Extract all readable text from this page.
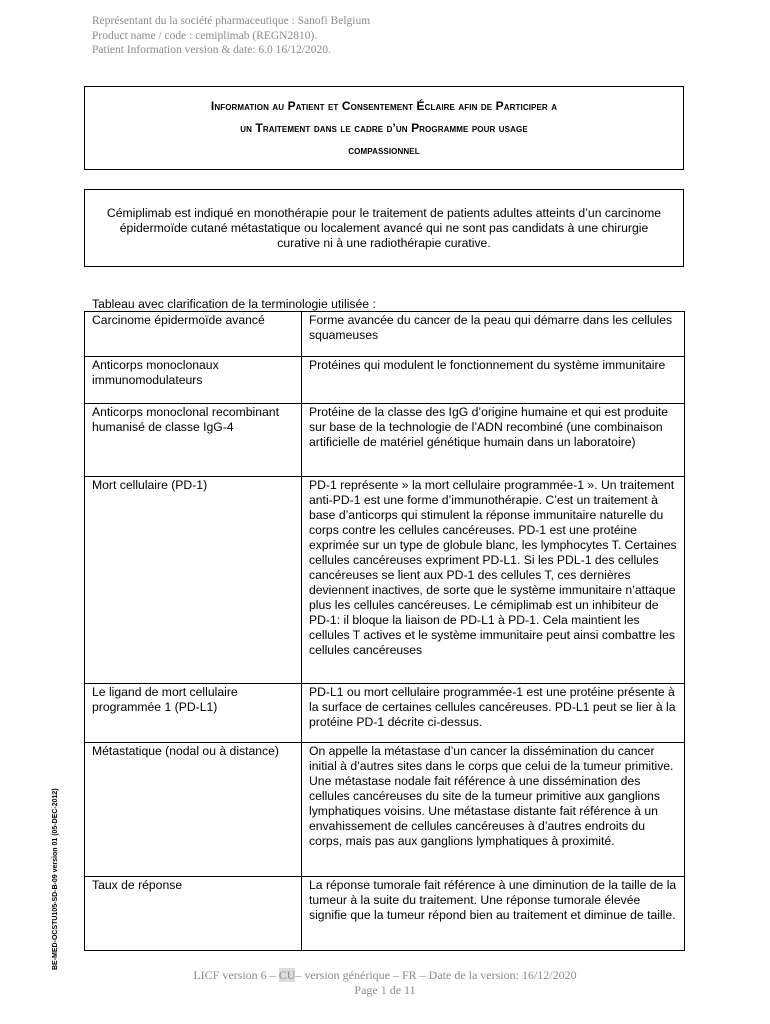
Représentant du la société pharmaceutique : Sanofi Belgium
Product name / code : cemiplimab (REGN2810).
Patient Information version & date: 6.0 16/12/2020.
Information au Patient et Consentement Éclaire afin de Participer a
un Traitement dans le cadre d’un Programme pour usage
compassionnel
Cémiplimab est indiqué en monothérapie pour le traitement de patients adultes atteints d’un carcinome épidermoïde cutané métastatique ou localement avancé qui ne sont pas candidats à une chirurgie curative ni à une radiothérapie curative.
Tableau avec clarification de la terminologie utilisée :
Carcinome épidermoïde avancé	Forme avancée du cancer de la peau qui démarre dans les cellules squameuses
Anticorps monoclonaux immunomodulateurs	Protéines qui modulent le fonctionnement du système immunitaire
Anticorps monoclonal recombinant humanisé de classe IgG-4	Protéine de la classe des IgG d’origine humaine et qui est produite sur base de la technologie de l’ADN recombiné (une combinaison artificielle de matériel génétique humain dans un laboratoire)
Mort cellulaire (PD-1)	PD-1 représente » la mort cellulaire programmée-1 ». Un traitement anti-PD-1 est une forme d’immunothérapie. C’est un traitement à base d’anticorps qui stimulent la réponse immunitaire naturelle du corps contre les cellules cancéreuses. PD-1 est une protéine exprimée sur un type de globule blanc, les lymphocytes T. Certaines cellules cancéreuses expriment PD-L1. Si les PDL-1 des cellules cancéreuses se lient aux PD-1 des cellules T, ces dernières deviennent inactives, de sorte que le système immunitaire n’attaque plus les cellules cancéreuses. Le cémiplimab est un inhibiteur de PD-1: il bloque la liaison de PD-L1 à PD-1. Cela maintient les cellules T actives et le système immunitaire peut ainsi combattre les cellules cancéreuses
Le ligand de mort cellulaire programmée 1 (PD-L1)	PD-L1 ou mort cellulaire programmée-1 est une protéine présente à la surface de certaines cellules cancéreuses. PD-L1 peut se lier à la protéine PD-1 décrite ci-dessus.
Métastatique (nodal ou à distance)	On appelle la métastase d’un cancer la dissémination du cancer initial à d’autres sites dans le corps que celui de la tumeur primitive. Une métastase nodale fait référence à une dissémination des cellules cancéreuses du site de la tumeur primitive aux ganglions lymphatiques voisins. Une métastase distante fait référence à un envahissement de cellules cancéreuses à d’autres endroits du corps, mais pas aux ganglions lymphatiques à proximité.
Taux de réponse	La réponse tumorale fait référence à une diminution de la taille de la tumeur à la suite du traitement. Une réponse tumorale élevée signifie que la tumeur répond bien au traitement et diminue de taille.
BE-MED-OCSTU105-SD-B-09 version 01 (05-DEC-2012)
LICF version 6 – CU– version générique – FR – Date de la version: 16/12/2020
Page 1 de 11
